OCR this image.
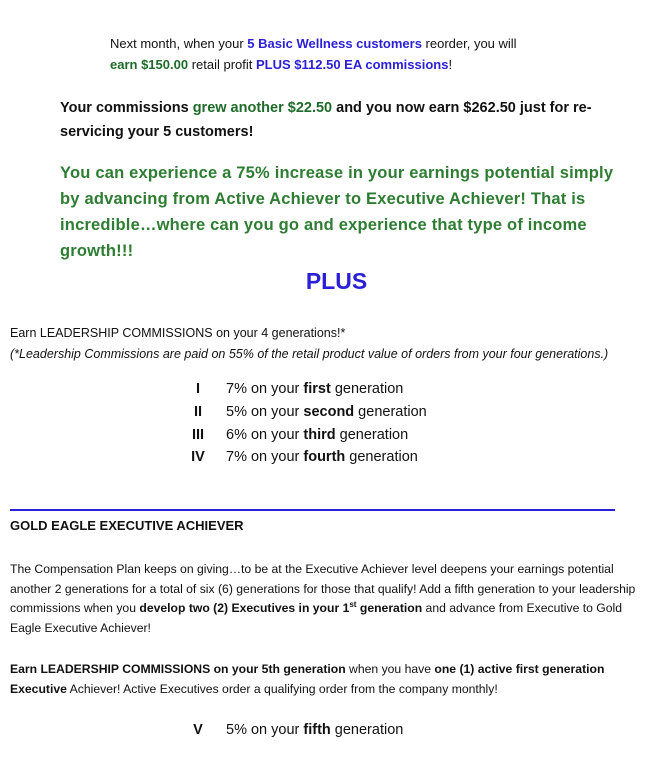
Next month, when your 5 Basic Wellness customers reorder, you will
earn $150.00 retail profit PLUS $112.50 EA commissions!
Your commissions grew another $22.50 and you now earn $262.50 just for re-servicing your 5 customers!
You can experience a 75% increase in your earnings potential simply by advancing from Active Achiever to Executive Achiever! That is incredible…where can you go and experience that type of income growth!!!
PLUS
Earn LEADERSHIP COMMISSIONS on your 4 generations!*
(*Leadership Commissions are paid on 55% of the retail product value of orders from your four generations.)
I 7% on your first generation
II 5% on your second generation
III 6% on your third generation
IV 7% on your fourth generation
GOLD EAGLE EXECUTIVE ACHIEVER
The Compensation Plan keeps on giving…to be at the Executive Achiever level deepens your earnings potential another 2 generations for a total of six (6) generations for those that qualify! Add a fifth generation to your leadership commissions when you develop two (2) Executives in your 1st generation and advance from Executive to Gold Eagle Executive Achiever!
Earn LEADERSHIP COMMISSIONS on your 5th generation when you have one (1) active first generation Executive Achiever! Active Executives order a qualifying order from the company monthly!
V 5% on your fifth generation
